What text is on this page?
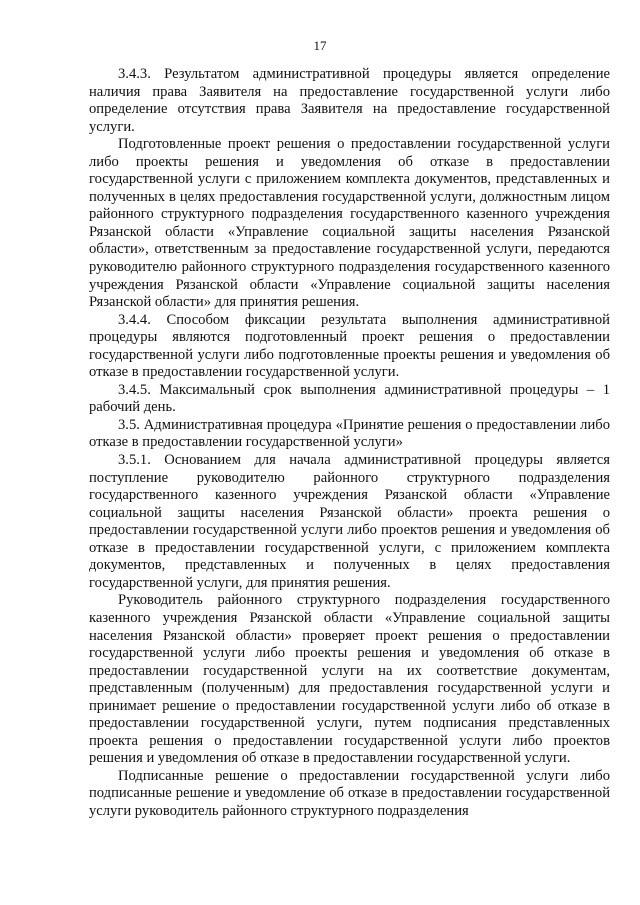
17

3.4.3. Результатом административной процедуры является определение наличия права Заявителя на предоставление государственной услуги либо определение отсутствия права Заявителя на предоставление государственной услуги.

Подготовленные проект решения о предоставлении государственной услуги либо проекты решения и уведомления об отказе в предоставлении государственной услуги с приложением комплекта документов, представленных и полученных в целях предоставления государственной услуги, должностным лицом районного структурного подразделения государственного казенного учреждения Рязанской области «Управление социальной защиты населения Рязанской области», ответственным за предоставление государственной услуги, передаются руководителю районного структурного подразделения государственного казенного учреждения Рязанской области «Управление социальной защиты населения Рязанской области» для принятия решения.

3.4.4. Способом фиксации результата выполнения административной процедуры являются подготовленный проект решения о предоставлении государственной услуги либо подготовленные проекты решения и уведомления об отказе в предоставлении государственной услуги.

3.4.5. Максимальный срок выполнения административной процедуры – 1 рабочий день.

3.5. Административная процедура «Принятие решения о предоставлении либо отказе в предоставлении государственной услуги»

3.5.1. Основанием для начала административной процедуры является поступление руководителю районного структурного подразделения государственного казенного учреждения Рязанской области «Управление социальной защиты населения Рязанской области» проекта решения о предоставлении государственной услуги либо проектов решения и уведомления об отказе в предоставлении государственной услуги, с приложением комплекта документов, представленных и полученных в целях предоставления государственной услуги, для принятия решения.

Руководитель районного структурного подразделения государственного казенного учреждения Рязанской области «Управление социальной защиты населения Рязанской области» проверяет проект решения о предоставлении государственной услуги либо проекты решения и уведомления об отказе в предоставлении государственной услуги на их соответствие документам, представленным (полученным) для предоставления государственной услуги и принимает решение о предоставлении государственной услуги либо об отказе в предоставлении государственной услуги, путем подписания представленных проекта решения о предоставлении государственной услуги либо проектов решения и уведомления об отказе в предоставлении государственной услуги.

Подписанные решение о предоставлении государственной услуги либо подписанные решение и уведомление об отказе в предоставлении государственной услуги руководитель районного структурного подразделения
